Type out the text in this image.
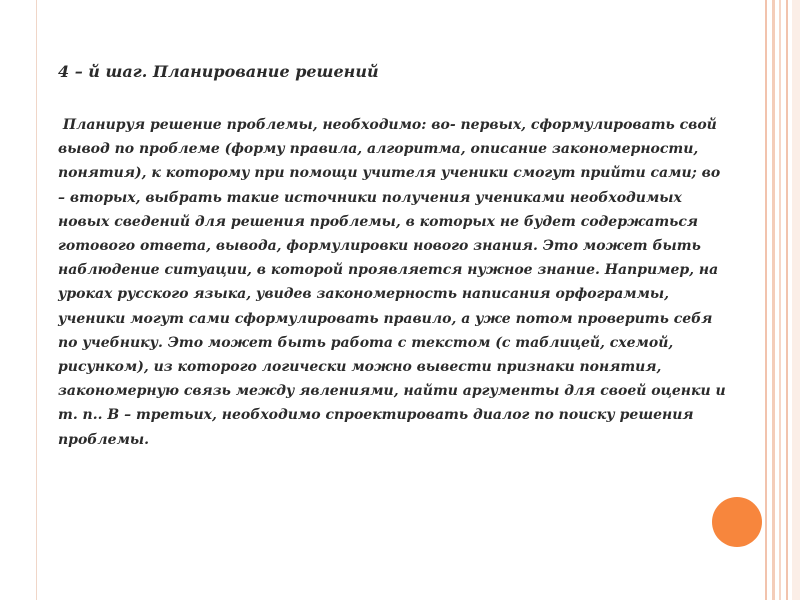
4 – й шаг. Планирование решений
Планируя решение проблемы, необходимо: во- первых, сформулировать свой
вывод по проблеме (форму правила, алгоритма, описание закономерности,
понятия), к которому при помощи учителя ученики смогут прийти сами; во
– вторых, выбрать такие источники получения учениками необходимых
новых сведений для решения проблемы, в которых не будет содержаться
готового ответа, вывода, формулировки нового знания. Это может быть
наблюдение ситуации, в которой проявляется нужное знание. Например, на
уроках русского языка, увидев закономерность написания орфограммы,
ученики могут сами сформулировать правило, а уже потом проверить себя
по учебнику. Это может быть работа с текстом (с таблицей, схемой,
рисунком), из которого логически можно вывести признаки понятия,
закономерную связь между явлениями, найти аргументы для своей оценки и
т. п.. В – третьих, необходимо спроектировать диалог по поиску решения
проблемы.
